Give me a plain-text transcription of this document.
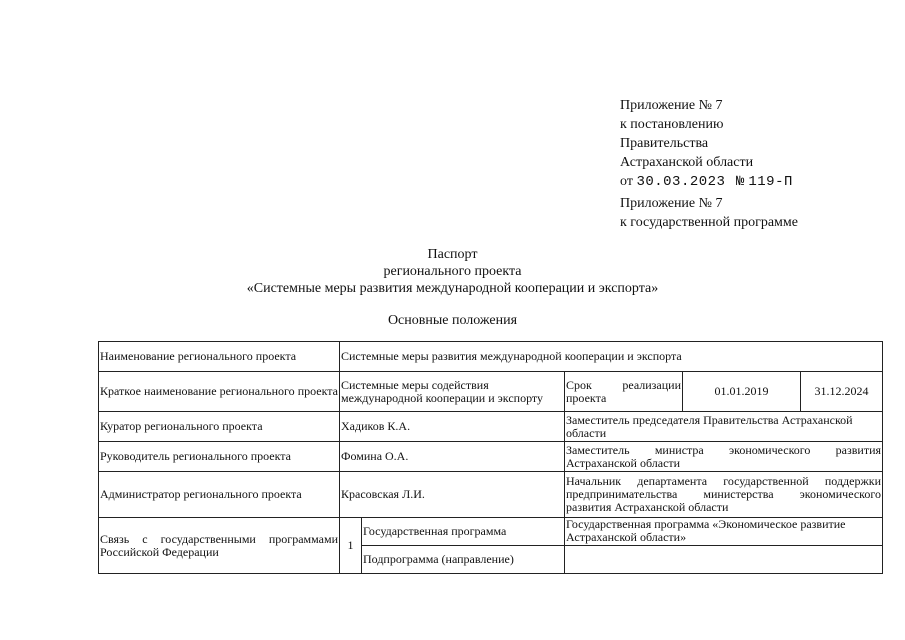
Приложение № 7
к постановлению
Правительства
Астраханской области
от 30.03.2023 № 119-П
Приложение № 7
к государственной программе
Паспорт
регионального проекта
«Системные меры развития международной кооперации и экспорта»
Основные положения
Наименование регионального проекта	Системные меры развития международной кооперации и экспорта				
Краткое наименование регионального проекта	Системные меры содействия международной кооперации и экспорту		Срок реализации проекта	01.01.2019	31.12.2024
Куратор регионального проекта	Хадиков К.А.		Заместитель председателя Правительства Астраханской области		
Руководитель регионального проекта	Фомина О.А.		Заместитель министра экономического развития Астраханской области		
Администратор регионального проекта	Красовская Л.И.		Начальник департамента государственной поддержки предпринимательства министерства экономического развития Астраханской области		
Связь с государственными программами Российской Федерации	1	Государственная программа	Государственная программа «Экономическое развитие Астраханской области»		
		Подпрограмма (направление)			
